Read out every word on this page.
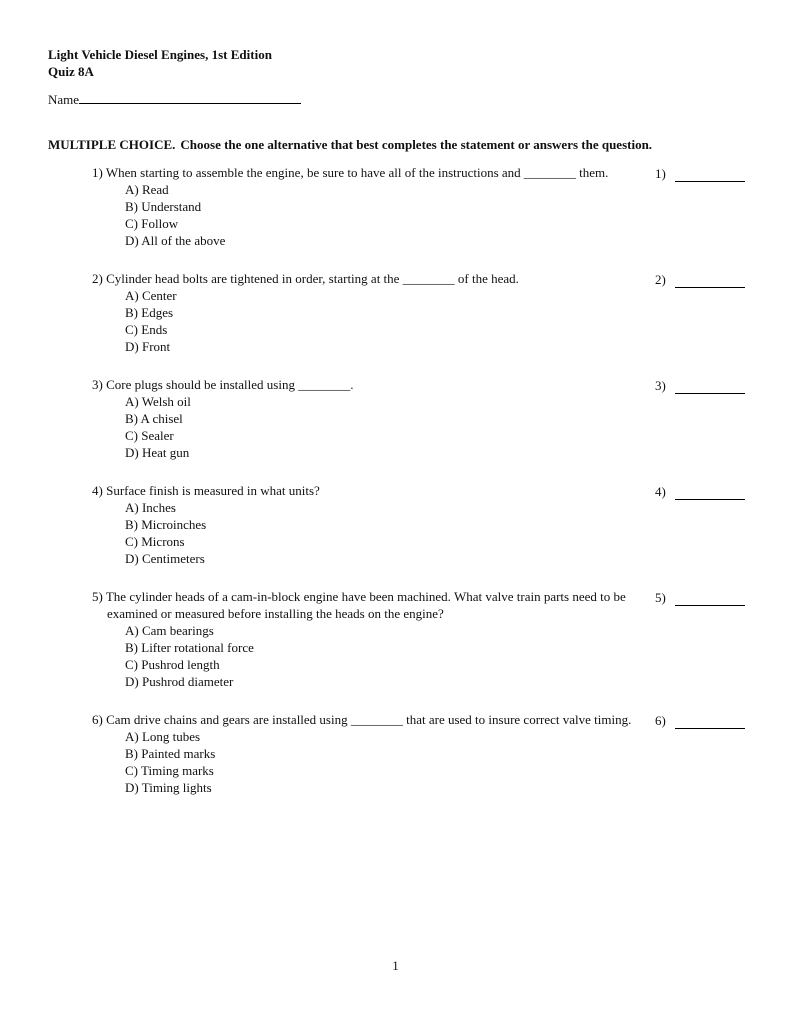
Light Vehicle Diesel Engines, 1st Edition
Quiz 8A
Name
MULTIPLE CHOICE. Choose the one alternative that best completes the statement or answers the question.
1) When starting to assemble the engine, be sure to have all of the instructions and ________ them.
A) Read
B) Understand
C) Follow
D) All of the above
1)
2) Cylinder head bolts are tightened in order, starting at the ________ of the head.
A) Center
B) Edges
C) Ends
D) Front
2)
3) Core plugs should be installed using ________.
A) Welsh oil
B) A chisel
C) Sealer
D) Heat gun
3)
4) Surface finish is measured in what units?
A) Inches
B) Microinches
C) Microns
D) Centimeters
4)
5) The cylinder heads of a cam-in-block engine have been machined. What valve train parts need to be examined or measured before installing the heads on the engine?
A) Cam bearings
B) Lifter rotational force
C) Pushrod length
D) Pushrod diameter
5)
6) Cam drive chains and gears are installed using ________ that are used to insure correct valve timing.
A) Long tubes
B) Painted marks
C) Timing marks
D) Timing lights
6)
1
